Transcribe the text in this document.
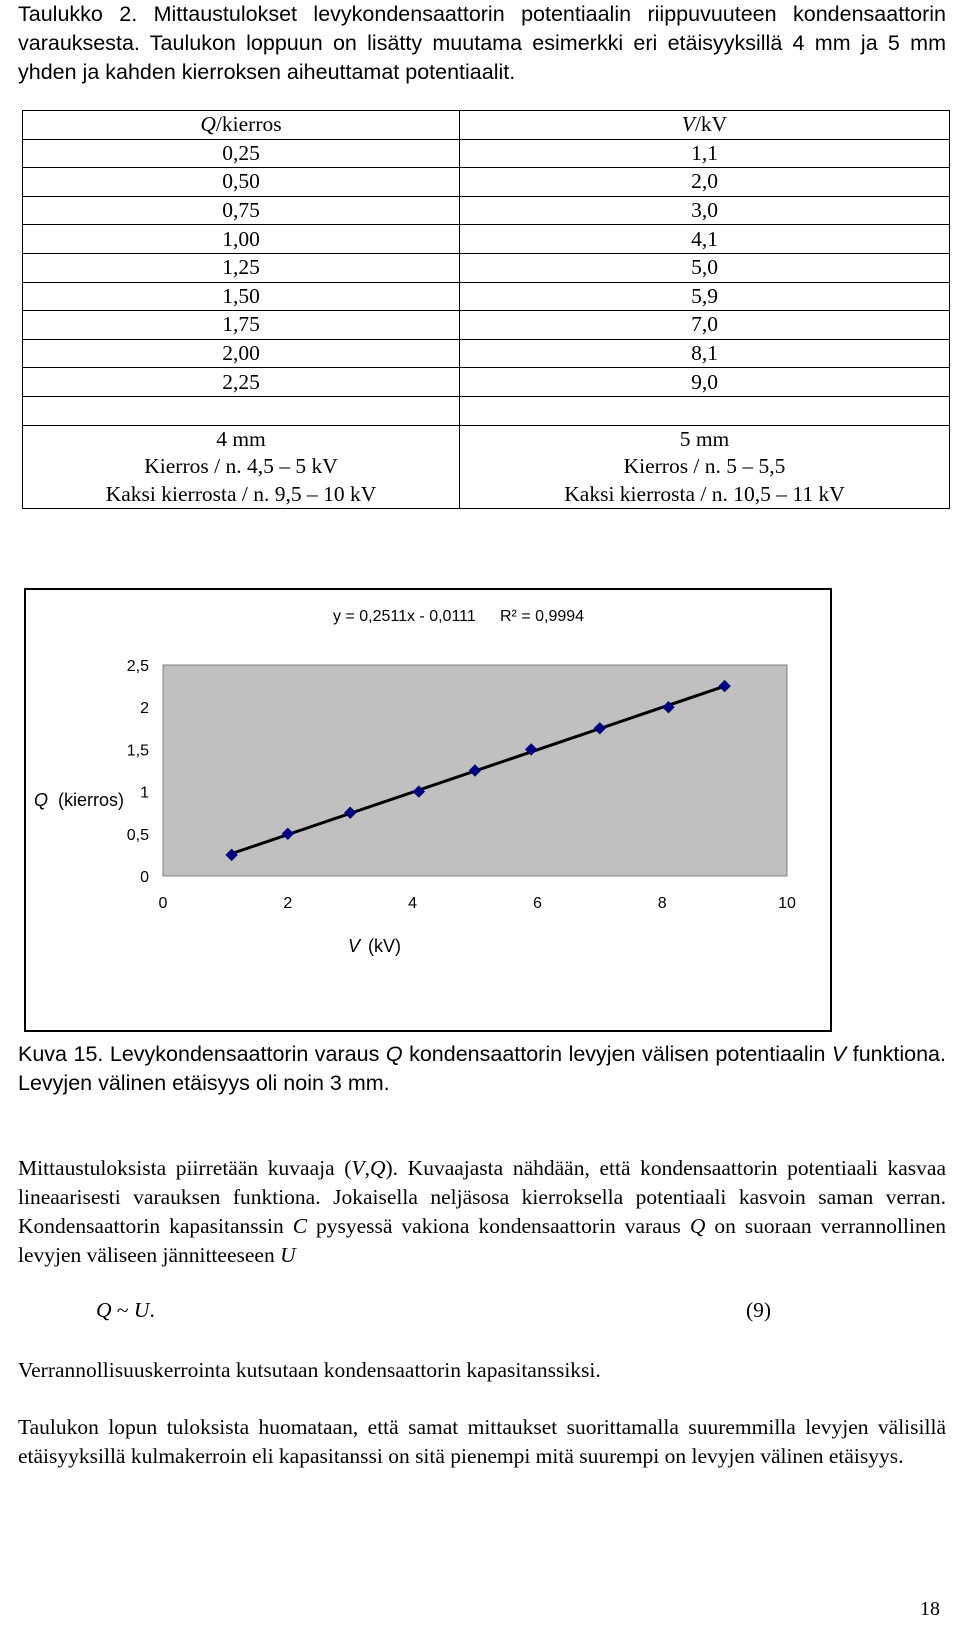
Taulukko 2. Mittaustulokset levykondensaattorin potentiaalin riippuvuuteen kondensaattorin varauksesta. Taulukon loppuun on lisätty muutama esimerkki eri etäisyyksillä 4 mm ja 5 mm yhden ja kahden kierroksen aiheuttamat potentiaalit.
Q/kierros	V/kV
0,25	1,1
0,50	2,0
0,75	3,0
1,00	4,1
1,25	5,0
1,50	5,9
1,75	7,0
2,00	8,1
2,25	9,0

4 mm	5 mm
Kierros / n. 4,5 – 5 kV	Kierros / n. 5 – 5,5
Kaksi kierrosta / n. 9,5 – 10 kV	Kaksi kierrosta / n. 10,5 – 11 kV
0
0,5
1
1,5
2
2,5
0	2	4	6	8	10
y = 0,2511x - 0,0111 R² = 0,9994
Q (kierros)
V (kV)
Kuva 15. Levykondensaattorin varaus Q kondensaattorin levyjen välisen potentiaalin V funktiona. Levyjen välinen etäisyys oli noin 3 mm.
Mittaustuloksista piirretään kuvaaja (V,Q). Kuvaajasta nähdään, että kondensaattorin potentiaali kasvaa lineaarisesti varauksen funktiona. Jokaisella neljäsosa kierroksella potentiaali kasvoin saman verran. Kondensaattorin kapasitanssin C pysyessä vakiona kondensaattorin varaus Q on suoraan verrannollinen levyjen väliseen jännitteeseen U
Q ~ U.	(9)
Verrannollisuuskerrointa kutsutaan kondensaattorin kapasitanssiksi.
Taulukon lopun tuloksista huomataan, että samat mittaukset suorittamalla suuremmilla levyjen välisillä etäisyyksillä kulmakerroin eli kapasitanssi on sitä pienempi mitä suurempi on levyjen välinen etäisyys.
18
